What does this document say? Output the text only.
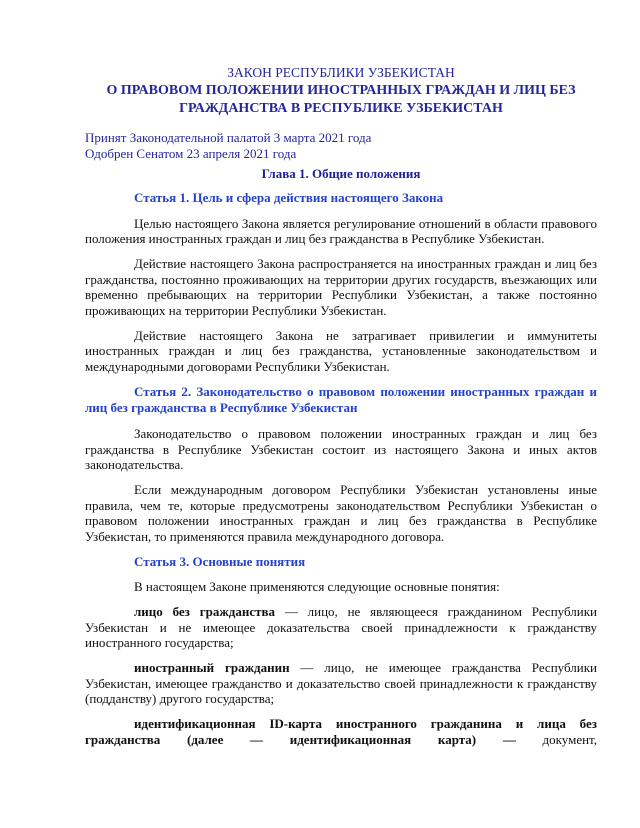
ЗАКОН РЕСПУБЛИКИ УЗБЕКИСТАН

О ПРАВОВОМ ПОЛОЖЕНИИ ИНОСТРАННЫХ ГРАЖДАН И ЛИЦ БЕЗ ГРАЖДАНСТВА В РЕСПУБЛИКЕ УЗБЕКИСТАН

Принят Законодательной палатой 3 марта 2021 года

Одобрен Сенатом 23 апреля 2021 года

Глава 1. Общие положения

Статья 1. Цель и сфера действия настоящего Закона

Целью настоящего Закона является регулирование отношений в области правового положения иностранных граждан и лиц без гражданства в Республике Узбекистан.

Действие настоящего Закона распространяется на иностранных граждан и лиц без гражданства, постоянно проживающих на территории других государств, въезжающих или временно пребывающих на территории Республики Узбекистан, а также постоянно проживающих на территории Республики Узбекистан.

Действие настоящего Закона не затрагивает привилегии и иммунитеты иностранных граждан и лиц без гражданства, установленные законодательством и международными договорами Республики Узбекистан.

Статья 2. Законодательство о правовом положении иностранных граждан и лиц без гражданства в Республике Узбекистан

Законодательство о правовом положении иностранных граждан и лиц без гражданства в Республике Узбекистан состоит из настоящего Закона и иных актов законодательства.

Если международным договором Республики Узбекистан установлены иные правила, чем те, которые предусмотрены законодательством Республики Узбекистан о правовом положении иностранных граждан и лиц без гражданства в Республике Узбекистан, то применяются правила международного договора.

Статья 3. Основные понятия

В настоящем Законе применяются следующие основные понятия:

лицо без гражданства — лицо, не являющееся гражданином Республики Узбекистан и не имеющее доказательства своей принадлежности к гражданству иностранного государства;

иностранный гражданин — лицо, не имеющее гражданства Республики Узбекистан, имеющее гражданство и доказательство своей принадлежности к гражданству (подданству) другого государства;

идентификационная ID-карта иностранного гражданина и лица без гражданства (далее — идентификационная карта) — документ,
